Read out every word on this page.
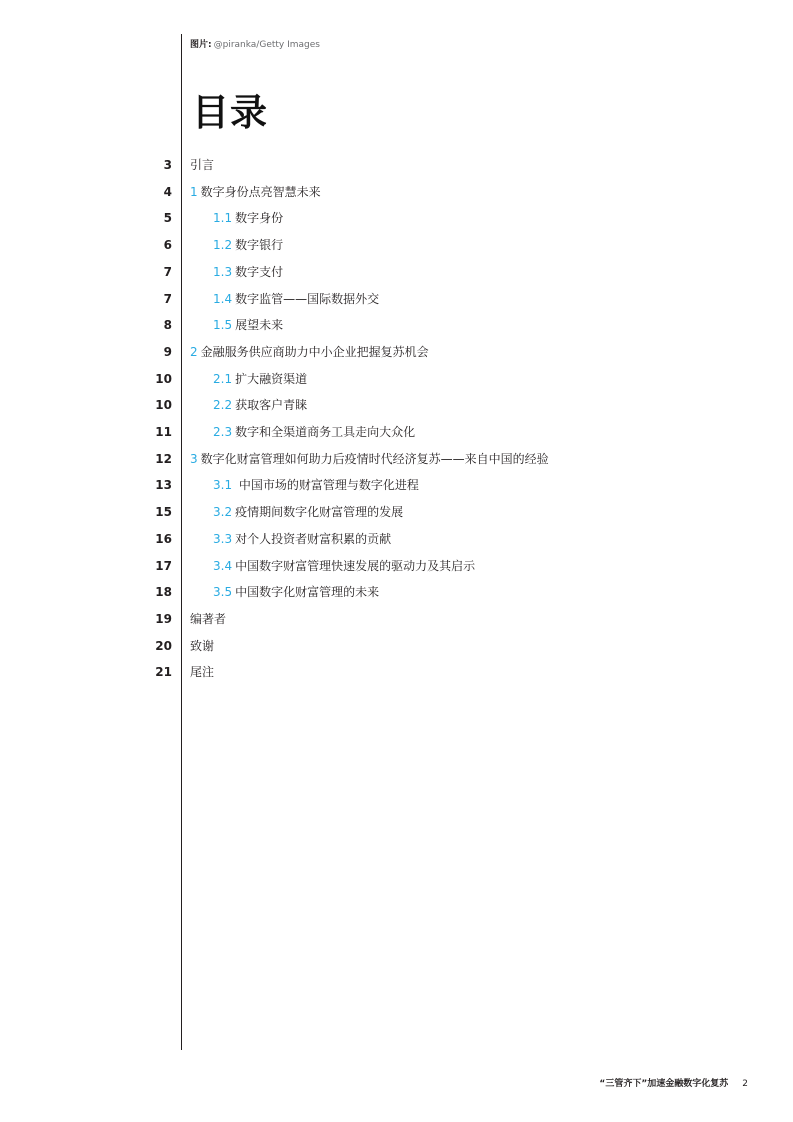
图片: @piranka/Getty Images
目录
3 引言
4 1 数字身份点亮智慧未来
5	1.1 数字身份
6	1.2 数字银行
7	1.3 数字支付
7	1.4 数字监管——国际数据外交
8	1.5 展望未来
9 2 金融服务供应商助力中小企业把握复苏机会
10	2.1 扩大融资渠道
10	2.2 获取客户青睐
11	2.3 数字和全渠道商务工具走向大众化
12 3 数字化财富管理如何助力后疫情时代经济复苏——来自中国的经验
13	3.1 中国市场的财富管理与数字化进程
15	3.2 疫情期间数字化财富管理的发展
16	3.3 对个人投资者财富积累的贡献
17	3.4 中国数字财富管理快速发展的驱动力及其启示
18	3.5 中国数字化财富管理的未来
19 编著者
20 致谢
21 尾注
“三管齐下”加速金融数字化复苏 2
